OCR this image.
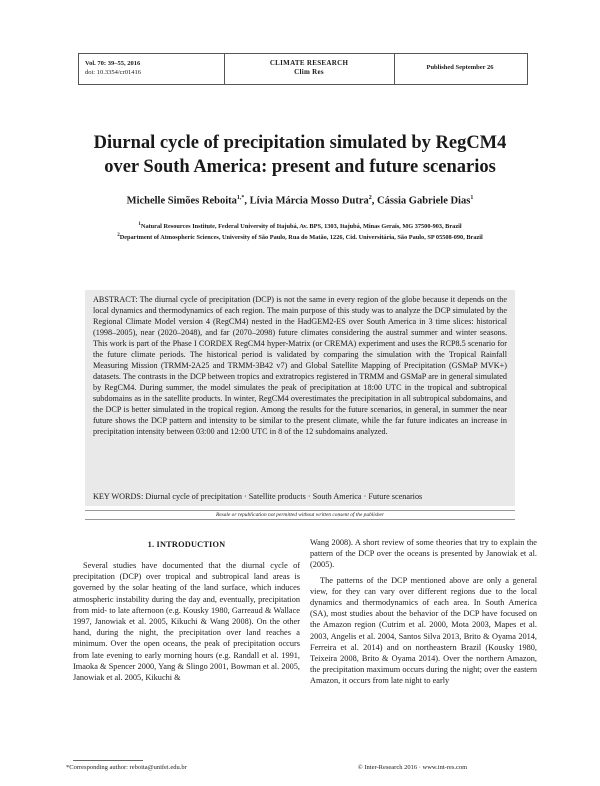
Vol. 70: 39–55, 2016
doi: 10.3354/cr01416
CLIMATE RESEARCH
Clim Res
Published September 26
Diurnal cycle of precipitation simulated by RegCM4
over South America: present and future scenarios
Michelle Simões Reboita$^{1,*}$, Lívia Márcia Mosso Dutra$^2$, Cássia Gabriele Dias$^1$
$^1$Natural Resources Institute, Federal University of Itajubá, Av. BPS, 1303, Itajubá, Minas Gerais, MG 37500-903, Brazil
$^2$Department of Atmospheric Sciences, University of São Paulo, Rua do Matão, 1226, Cid. Universitária, São Paulo, SP 05508-090, Brazil
ABSTRACT: The diurnal cycle of precipitation (DCP) is not the same in every region of the globe because it depends on the local dynamics and thermodynamics of each region. The main purpose of this study was to analyze the DCP simulated by the Regional Climate Model version 4 (RegCM4) nested in the HadGEM2-ES over South America in 3 time slices: historical (1998–2005), near (2020–2048), and far (2070–2098) future climates considering the austral summer and winter seasons. This work is part of the Phase I CORDEX RegCM4 hyper-Matrix (or CREMA) experiment and uses the RCP8.5 scenario for the future climate periods. The historical period is validated by comparing the simulation with the Tropical Rainfall Measuring Mission (TRMM-2A25 and TRMM-3B42 v7) and Global Satellite Mapping of Precipitation (GSMaP MVK+) datasets. The contrasts in the DCP between tropics and extratropics registered in TRMM and GSMaP are in general simulated by RegCM4. During summer, the model simulates the peak of precipitation at 18:00 UTC in the tropical and subtropical subdomains as in the satellite products. In winter, RegCM4 overestimates the precipitation in all subtropical subdomains, and the DCP is better simulated in the tropical region. Among the results for the future scenarios, in general, in summer the near future shows the DCP pattern and intensity to be similar to the present climate, while the far future indicates an increase in precipitation intensity between 03:00 and 12:00 UTC in 8 of the 12 subdomains analyzed.
KEY WORDS: Diurnal cycle of precipitation · Satellite products · South America · Future scenarios
Resale or republication not permitted without written consent of the publisher
1. INTRODUCTION

Several studies have documented that the diurnal cycle of precipitation (DCP) over tropical and subtropical land areas is governed by the solar heating of the land surface, which induces atmospheric instability during the day and, eventually, precipitation from mid- to late afternoon (e.g. Kousky 1980, Garreaud & Wallace 1997, Janowiak et al. 2005, Kikuchi & Wang 2008). On the other hand, during the night, the precipitation over land reaches a minimum. Over the open oceans, the peak of precipitation occurs from late evening to early morning hours (e.g. Randall et al. 1991, Imaoka & Spencer 2000, Yang & Slingo 2001, Bowman et al. 2005, Janowiak et al. 2005, Kikuchi &

Wang 2008). A short review of some theories that try to explain the pattern of the DCP over the oceans is presented by Janowiak et al. (2005).

The patterns of the DCP mentioned above are only a general view, for they can vary over different regions due to the local dynamics and thermodynamics of each area. In South America (SA), most studies about the behavior of the DCP have focused on the Amazon region (Cutrim et al. 2000, Mota 2003, Mapes et al. 2003, Angelis et al. 2004, Santos Silva 2013, Brito & Oyama 2014, Ferreira et al. 2014) and on northeastern Brazil (Kousky 1980, Teixeira 2008, Brito & Oyama 2014). Over the northern Amazon, the precipitation maximum occurs during the night; over the eastern Amazon, it occurs from late night to early

*Corresponding author: reboita@unifei.edu.br	© Inter-Research 2016 · www.int-res.com
